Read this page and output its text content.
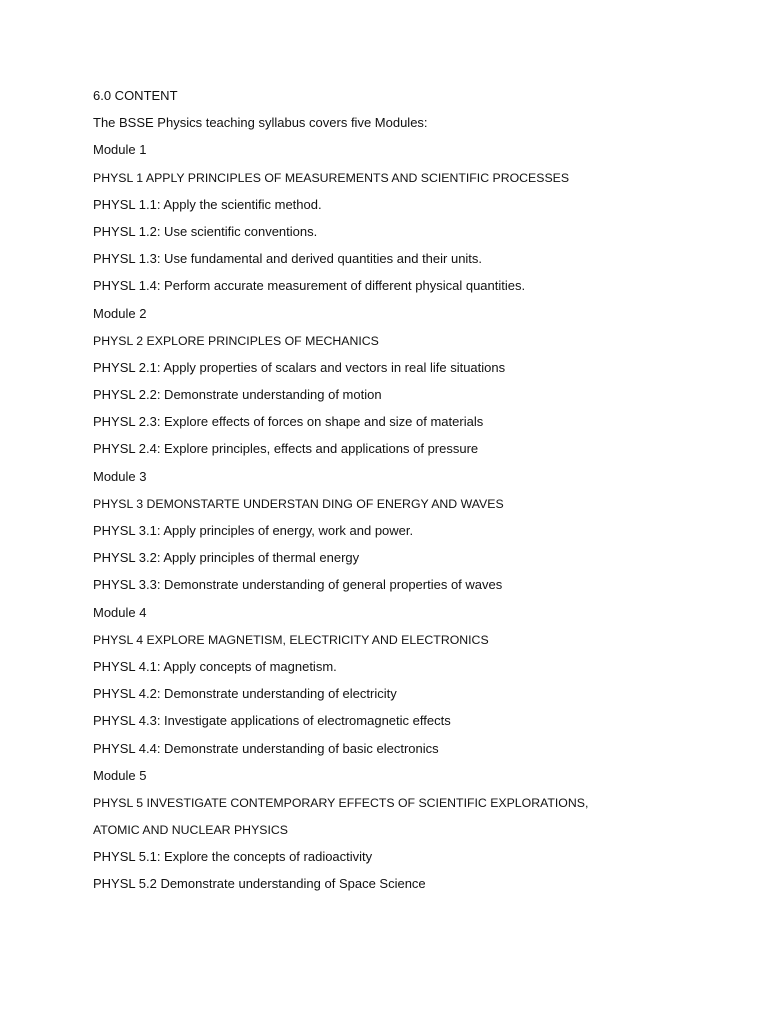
6.0 CONTENT
The BSSE Physics teaching syllabus covers five Modules:
Module 1
PHYSL 1 APPLY PRINCIPLES OF MEASUREMENTS AND SCIENTIFIC PROCESSES
PHYSL 1.1: Apply the scientific method.
PHYSL 1.2: Use scientific conventions.
PHYSL 1.3: Use fundamental and derived quantities and their units.
PHYSL 1.4: Perform accurate measurement of different physical quantities.
Module 2
PHYSL 2 EXPLORE PRINCIPLES OF MECHANICS
PHYSL 2.1: Apply properties of scalars and vectors in real life situations
PHYSL 2.2: Demonstrate understanding of motion
PHYSL 2.3: Explore effects of forces on shape and size of materials
PHYSL 2.4: Explore principles, effects and applications of pressure
Module 3
PHYSL 3 DEMONSTARTE UNDERSTAN DING OF ENERGY AND WAVES
PHYSL 3.1: Apply principles of energy, work and power.
PHYSL 3.2: Apply principles of thermal energy
PHYSL 3.3: Demonstrate understanding of general properties of waves
Module 4
PHYSL 4 EXPLORE MAGNETISM, ELECTRICITY AND ELECTRONICS
PHYSL 4.1: Apply concepts of magnetism.
PHYSL 4.2: Demonstrate understanding of electricity
PHYSL 4.3: Investigate applications of electromagnetic effects
PHYSL 4.4: Demonstrate understanding of basic electronics
Module 5
PHYSL 5 INVESTIGATE CONTEMPORARY EFFECTS OF SCIENTIFIC EXPLORATIONS,
ATOMIC AND NUCLEAR PHYSICS
PHYSL 5.1: Explore the concepts of radioactivity
PHYSL 5.2 Demonstrate understanding of Space Science
